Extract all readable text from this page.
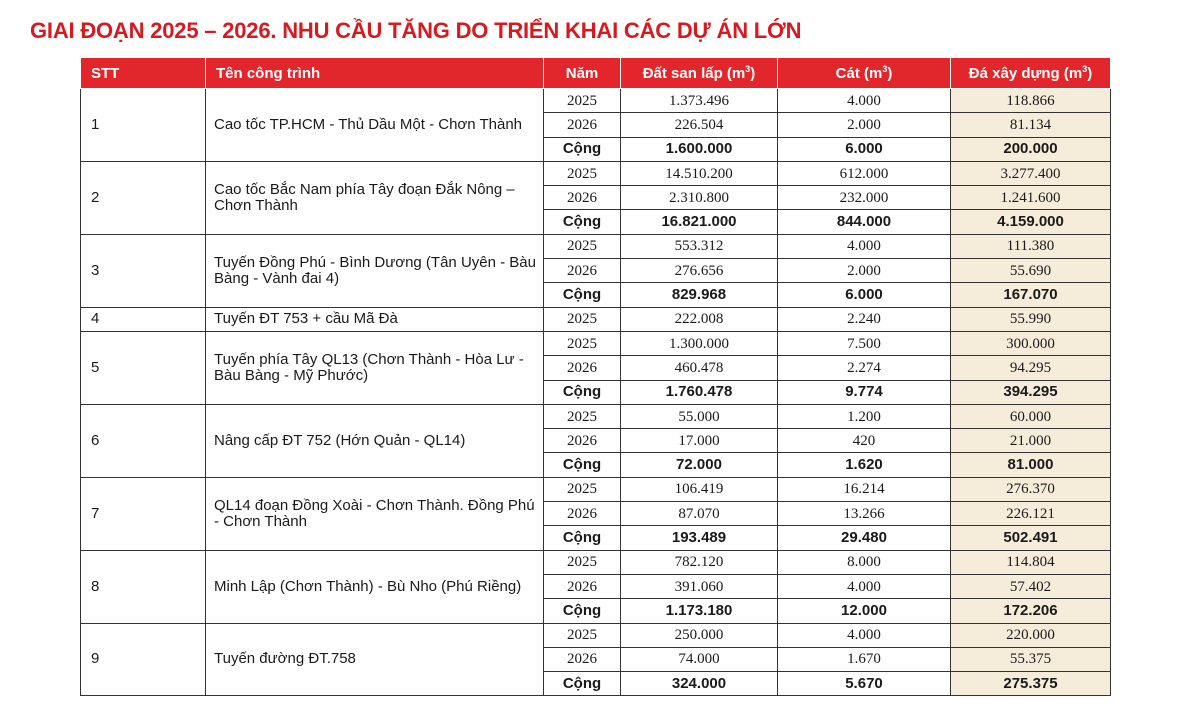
GIAI ĐOẠN 2025 – 2026. NHU CẦU TĂNG DO TRIỂN KHAI CÁC DỰ ÁN LỚN
STT	Tên công trình	Năm	Đất san lấp $(m^3)$	Cát $(m^3)$	Đá xây dựng $(m^3)$
1	Cao tốc TP.HCM - Thủ Dầu Một - Chơn Thành	2025	1.373.496	4.000	118.866
		2026	226.504	2.000	81.134
		Cộng	1.600.000	6.000	200.000
2	Cao tốc Bắc Nam phía Tây đoạn Đắk Nông – Chơn Thành	2025	14.510.200	612.000	3.277.400
		2026	2.310.800	232.000	1.241.600
		Cộng	16.821.000	844.000	4.159.000
3	Tuyến Đồng Phú - Bình Dương (Tân Uyên - Bàu Bàng - Vành đai 4)	2025	553.312	4.000	111.380
		2026	276.656	2.000	55.690
		Cộng	829.968	6.000	167.070
4	Tuyến ĐT 753 + cầu Mã Đà	2025	222.008	2.240	55.990
5	Tuyến phía Tây QL13 (Chơn Thành - Hòa Lư - Bàu Bàng - Mỹ Phước)	2025	1.300.000	7.500	300.000
		2026	460.478	2.274	94.295
		Cộng	1.760.478	9.774	394.295
6	Nâng cấp ĐT 752 (Hớn Quản - QL14)	2025	55.000	1.200	60.000
		2026	17.000	420	21.000
		Cộng	72.000	1.620	81.000
7	QL14 đoạn Đồng Xoài - Chơn Thành. Đồng Phú - Chơn Thành	2025	106.419	16.214	276.370
		2026	87.070	13.266	226.121
		Cộng	193.489	29.480	502.491
8	Minh Lập (Chơn Thành) - Bù Nho (Phú Riềng)	2025	782.120	8.000	114.804
		2026	391.060	4.000	57.402
		Cộng	1.173.180	12.000	172.206
9	Tuyến đường ĐT.758	2025	250.000	4.000	220.000
		2026	74.000	1.670	55.375
		Cộng	324.000	5.670	275.375
